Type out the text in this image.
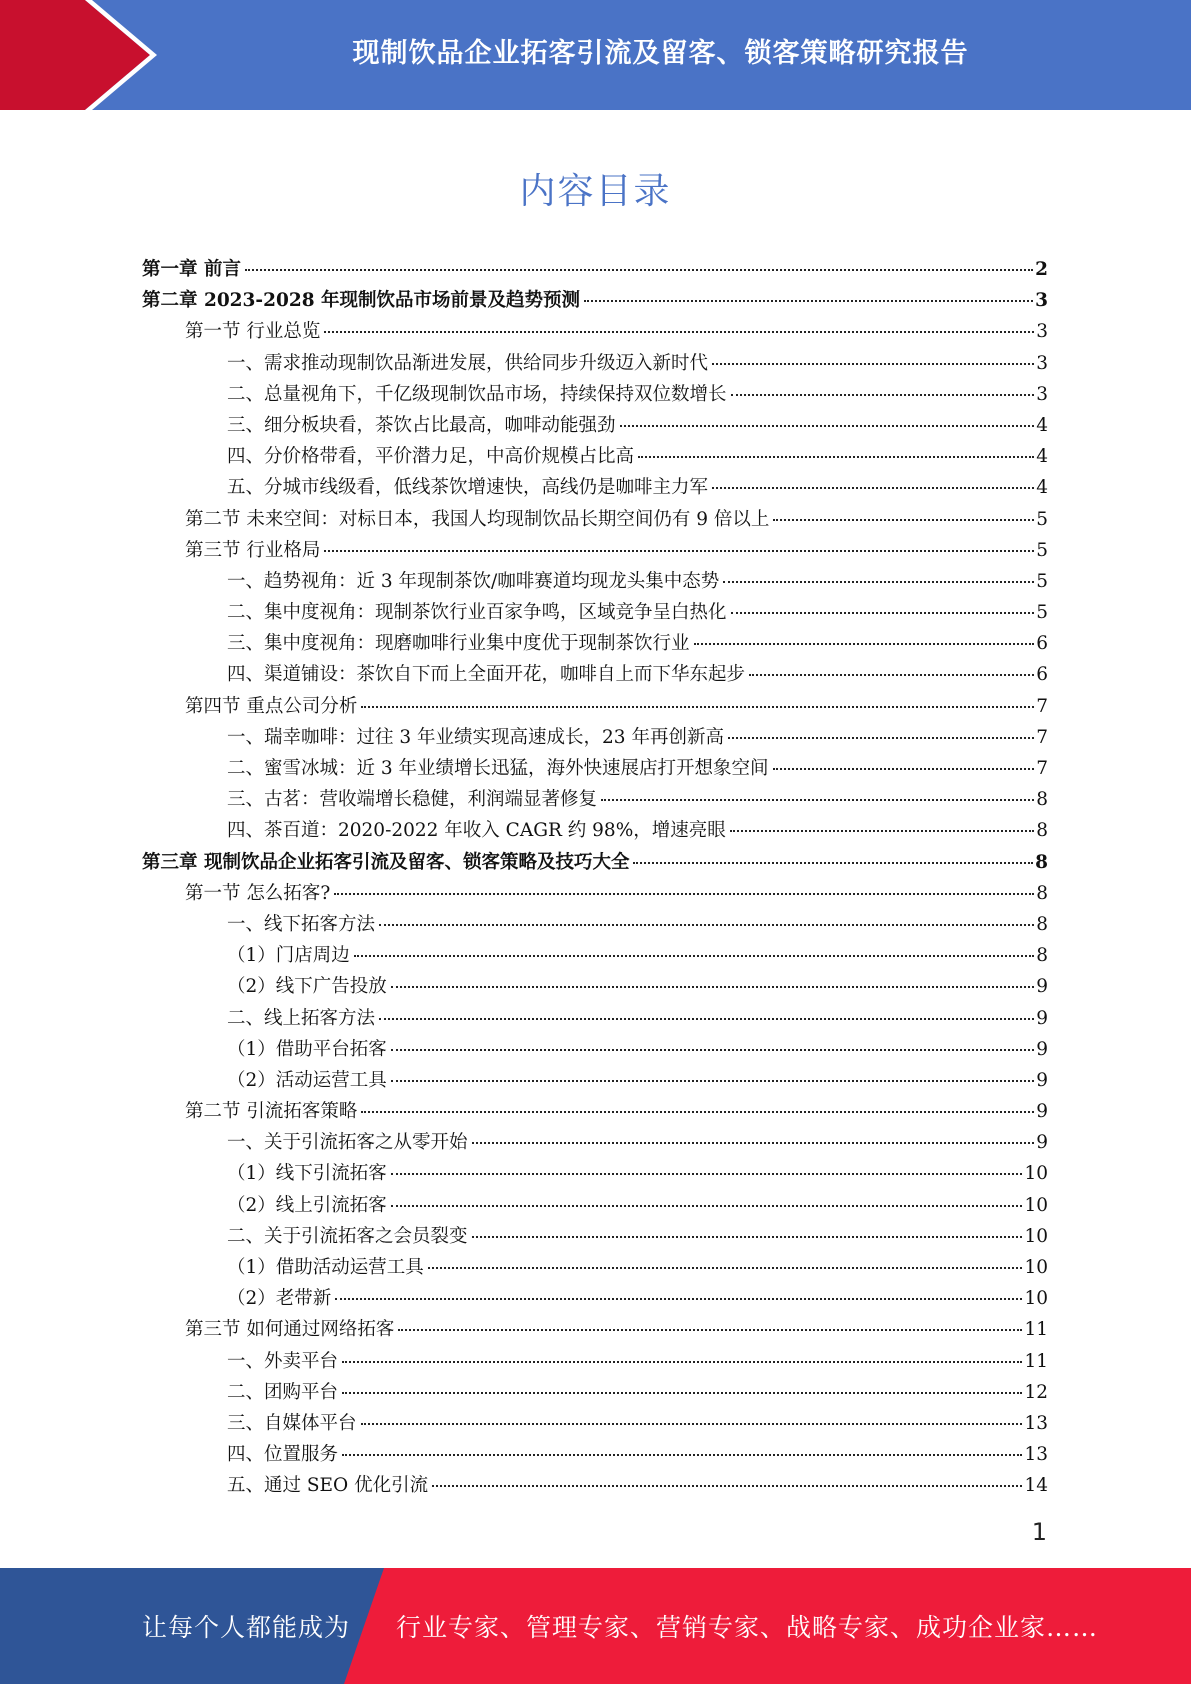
现制饮品企业拓客引流及留客、锁客策略研究报告
内容目录
第一章 前言	2
第二章 2023-2028 年现制饮品市场前景及趋势预测	3
第一节 行业总览	3
一、需求推动现制饮品渐进发展，供给同步升级迈入新时代	3
二、总量视角下，千亿级现制饮品市场，持续保持双位数增长	3
三、细分板块看，茶饮占比最高，咖啡动能强劲	4
四、分价格带看，平价潜力足，中高价规模占比高	4
五、分城市线级看，低线茶饮增速快，高线仍是咖啡主力军	4
第二节 未来空间：对标日本，我国人均现制饮品长期空间仍有 9 倍以上	5
第三节 行业格局	5
一、趋势视角：近 3 年现制茶饮/咖啡赛道均现龙头集中态势	5
二、集中度视角：现制茶饮行业百家争鸣，区域竞争呈白热化	5
三、集中度视角：现磨咖啡行业集中度优于现制茶饮行业	6
四、渠道铺设：茶饮自下而上全面开花，咖啡自上而下华东起步	6
第四节 重点公司分析	7
一、瑞幸咖啡：过往 3 年业绩实现高速成长，23 年再创新高	7
二、蜜雪冰城：近 3 年业绩增长迅猛，海外快速展店打开想象空间	7
三、古茗：营收端增长稳健，利润端显著修复	8
四、茶百道：2020-2022 年收入 CAGR 约 98%，增速亮眼	8
第三章 现制饮品企业拓客引流及留客、锁客策略及技巧大全	8
第一节 怎么拓客?	8
一、线下拓客方法	8
（1）门店周边	8
（2）线下广告投放	9
二、线上拓客方法	9
（1）借助平台拓客	9
（2）活动运营工具	9
第二节 引流拓客策略	9
一、关于引流拓客之从零开始	9
（1）线下引流拓客	10
（2）线上引流拓客	10
二、关于引流拓客之会员裂变	10
（1）借助活动运营工具	10
（2）老带新	10
第三节 如何通过网络拓客	11
一、外卖平台	11
二、团购平台	12
三、自媒体平台	13
四、位置服务	13
五、通过 SEO 优化引流	14
1
让每个人都能成为 行业专家、管理专家、营销专家、战略专家、成功企业家……
